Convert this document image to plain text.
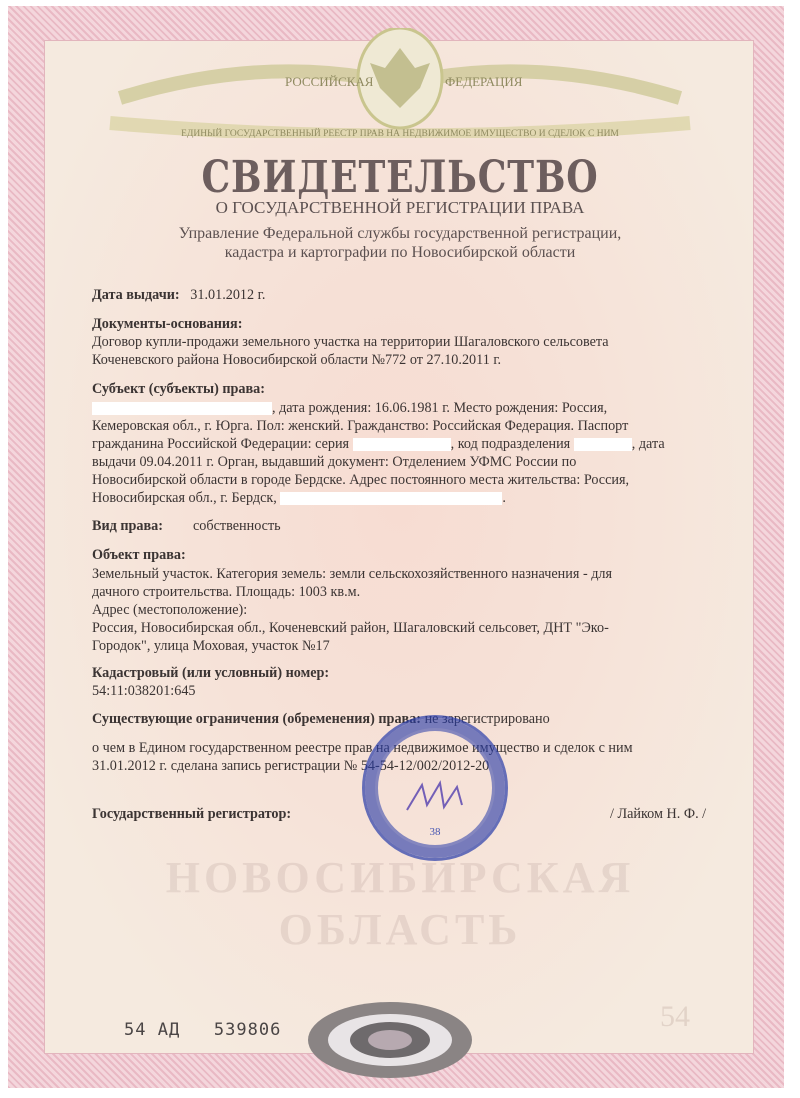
РОССИЙСКАЯ	ФЕДЕРАЦИЯ
ЕДИНЫЙ ГОСУДАРСТВЕННЫЙ РЕЕСТР ПРАВ НА НЕДВИЖИМОЕ ИМУЩЕСТВО И СДЕЛОК С НИМ
СВИДЕТЕЛЬСТВО
О ГОСУДАРСТВЕННОЙ РЕГИСТРАЦИИ ПРАВА
Управление Федеральной службы государственной регистрации,
кадастра и картографии по Новосибирской области
НОВОСИБИРСКАЯ
ОБЛАСТЬ
54
Дата выдачи: 31.01.2012 г.
Документы-основания:
Договор купли-продажи земельного участка на территории Шагаловского сельсовета
Коченевского района Новосибирской области №772 от 27.10.2011 г.
Субъект (субъекты) права:
, дата рождения: 16.06.1981 г. Место рождения: Россия,
Кемеровская обл., г. Юрга. Пол: женский. Гражданство: Российская Федерация. Паспорт
гражданина Российской Федерации: серия	, код подразделения	, дата
выдачи 09.04.2011 г. Орган, выдавший документ: Отделением УФМС России по
Новосибирской области в городе Бердске. Адрес постоянного места жительства: Россия,
Новосибирская обл., г. Бердск,	.
Вид права: собственность
Объект права:
Земельный участок. Категория земель: земли сельскохозяйственного назначения - для
дачного строительства. Площадь: 1003 кв.м.
Адрес (местоположение):
Россия, Новосибирская обл., Коченевский район, Шагаловский сельсовет, ДНТ "Эко-
Городок", улица Моховая, участок №17
Кадастровый (или условный) номер:
54:11:038201:645
Существующие ограничения (обременения) права: не зарегистрировано
о чем в Едином государственном реестре прав на недвижимое имущество и сделок с ним
31.01.2012 г. сделана запись регистрации № 54-54-12/002/2012-20
Государственный регистратор:	/ Лайком Н. Ф. /
38
54 АД 539806
